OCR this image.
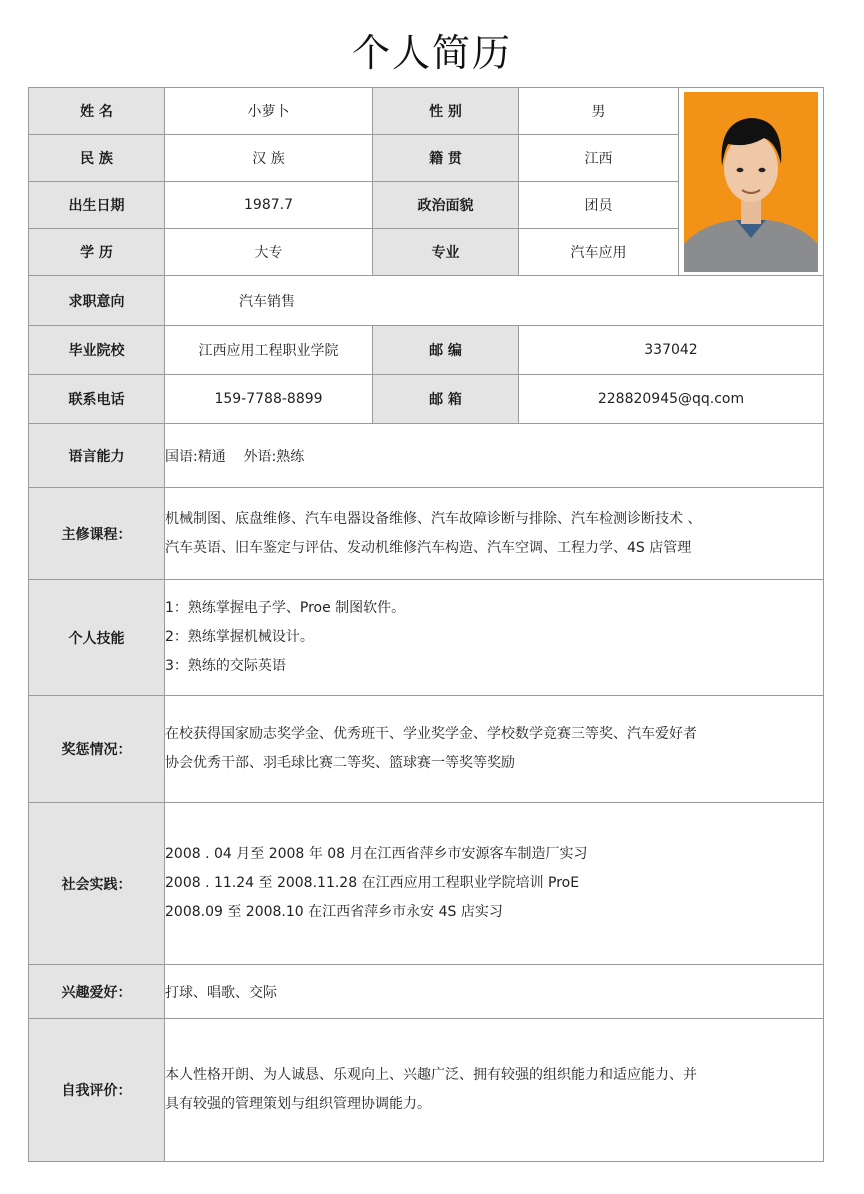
个人简历
姓 名	小萝卜	性 别	男	

民 族	汉 族	籍 贯	江西	
出生日期	1987.7	政治面貌	团员	
学 历	大专	专业	汽车应用	
求职意向	汽车销售			
毕业院校	江西应用工程职业学院	邮 编	337042	
联系电话	159-7788-8899	邮 箱	228820945@qq.com	
语言能力	国语:精通    外语:熟练			
主修课程：	机械制图、底盘维修、汽车电器设备维修、汽车故障诊断与排除、汽车检测诊断技术 、
汽车英语、旧车鉴定与评估、发动机维修汽车构造、汽车空调、工程力学、4S 店管理			

个人技能	1：熟练掌握电子学、Proe 制图软件。
2：熟练掌握机械设计。
3：熟练的交际英语			

奖惩情况：	在校获得国家励志奖学金、优秀班干、学业奖学金、学校数学竞赛三等奖、汽车爱好者
协会优秀干部、羽毛球比赛二等奖、篮球赛一等奖等奖励			

社会实践：	2008 . 04 月至 2008 年 08 月在江西省萍乡市安源客车制造厂实习
2008 . 11.24 至 2008.11.28 在江西应用工程职业学院培训 ProE
2008.09 至 2008.10 在江西省萍乡市永安 4S 店实习			

兴趣爱好：	打球、唱歌、交际			
自我评价：	本人性格开朗、为人诚恳、乐观向上、兴趣广泛、拥有较强的组织能力和适应能力、并
具有较强的管理策划与组织管理协调能力。			
